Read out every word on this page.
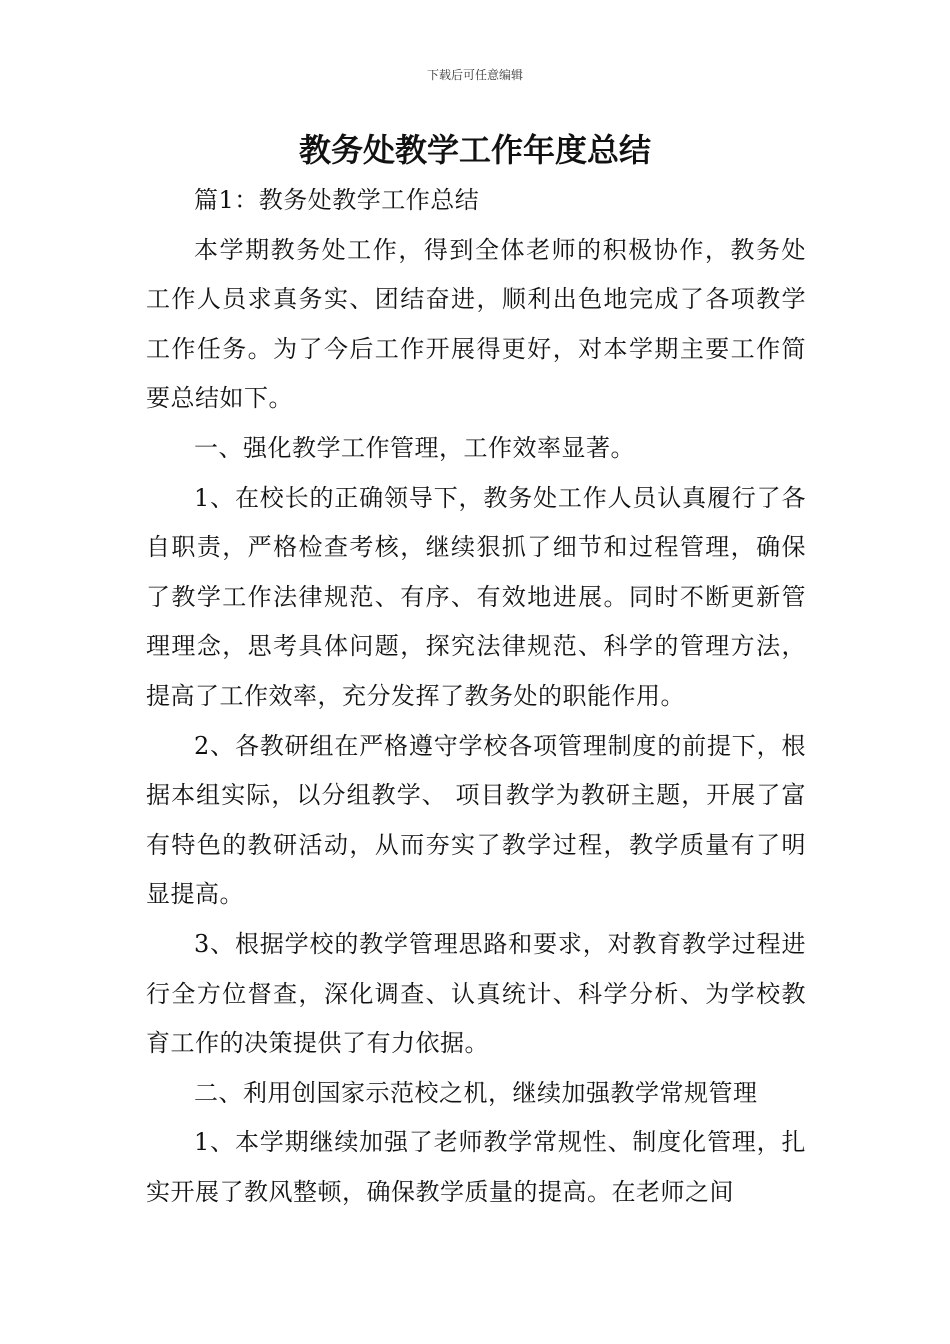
下载后可任意编辑
教务处教学工作年度总结

篇1：教务处教学工作总结

本学期教务处工作，得到全体老师的积极协作，教务处工作人员求真务实、团结奋进，顺利出色地完成了各项教学工作任务。为了今后工作开展得更好，对本学期主要工作简要总结如下。

一、强化教学工作管理，工作效率显著。

1、在校长的正确领导下，教务处工作人员认真履行了各自职责，严格检查考核，继续狠抓了细节和过程管理，确保了教学工作法律规范、有序、有效地进展。同时不断更新管理理念，思考具体问题，探究法律规范、科学的管理方法，提高了工作效率，充分发挥了教务处的职能作用。

2、各教研组在严格遵守学校各项管理制度的前提下，根据本组实际，以分组教学、 项目教学为教研主题，开展了富有特色的教研活动，从而夯实了教学过程，教学质量有了明显提高。

3、根据学校的教学管理思路和要求，对教育教学过程进行全方位督查，深化调查、认真统计、科学分析、为学校教育工作的决策提供了有力依据。

二、利用创国家示范校之机，继续加强教学常规管理

1、本学期继续加强了老师教学常规性、制度化管理，扎实开展了教风整顿，确保教学质量的提高。在老师之间
